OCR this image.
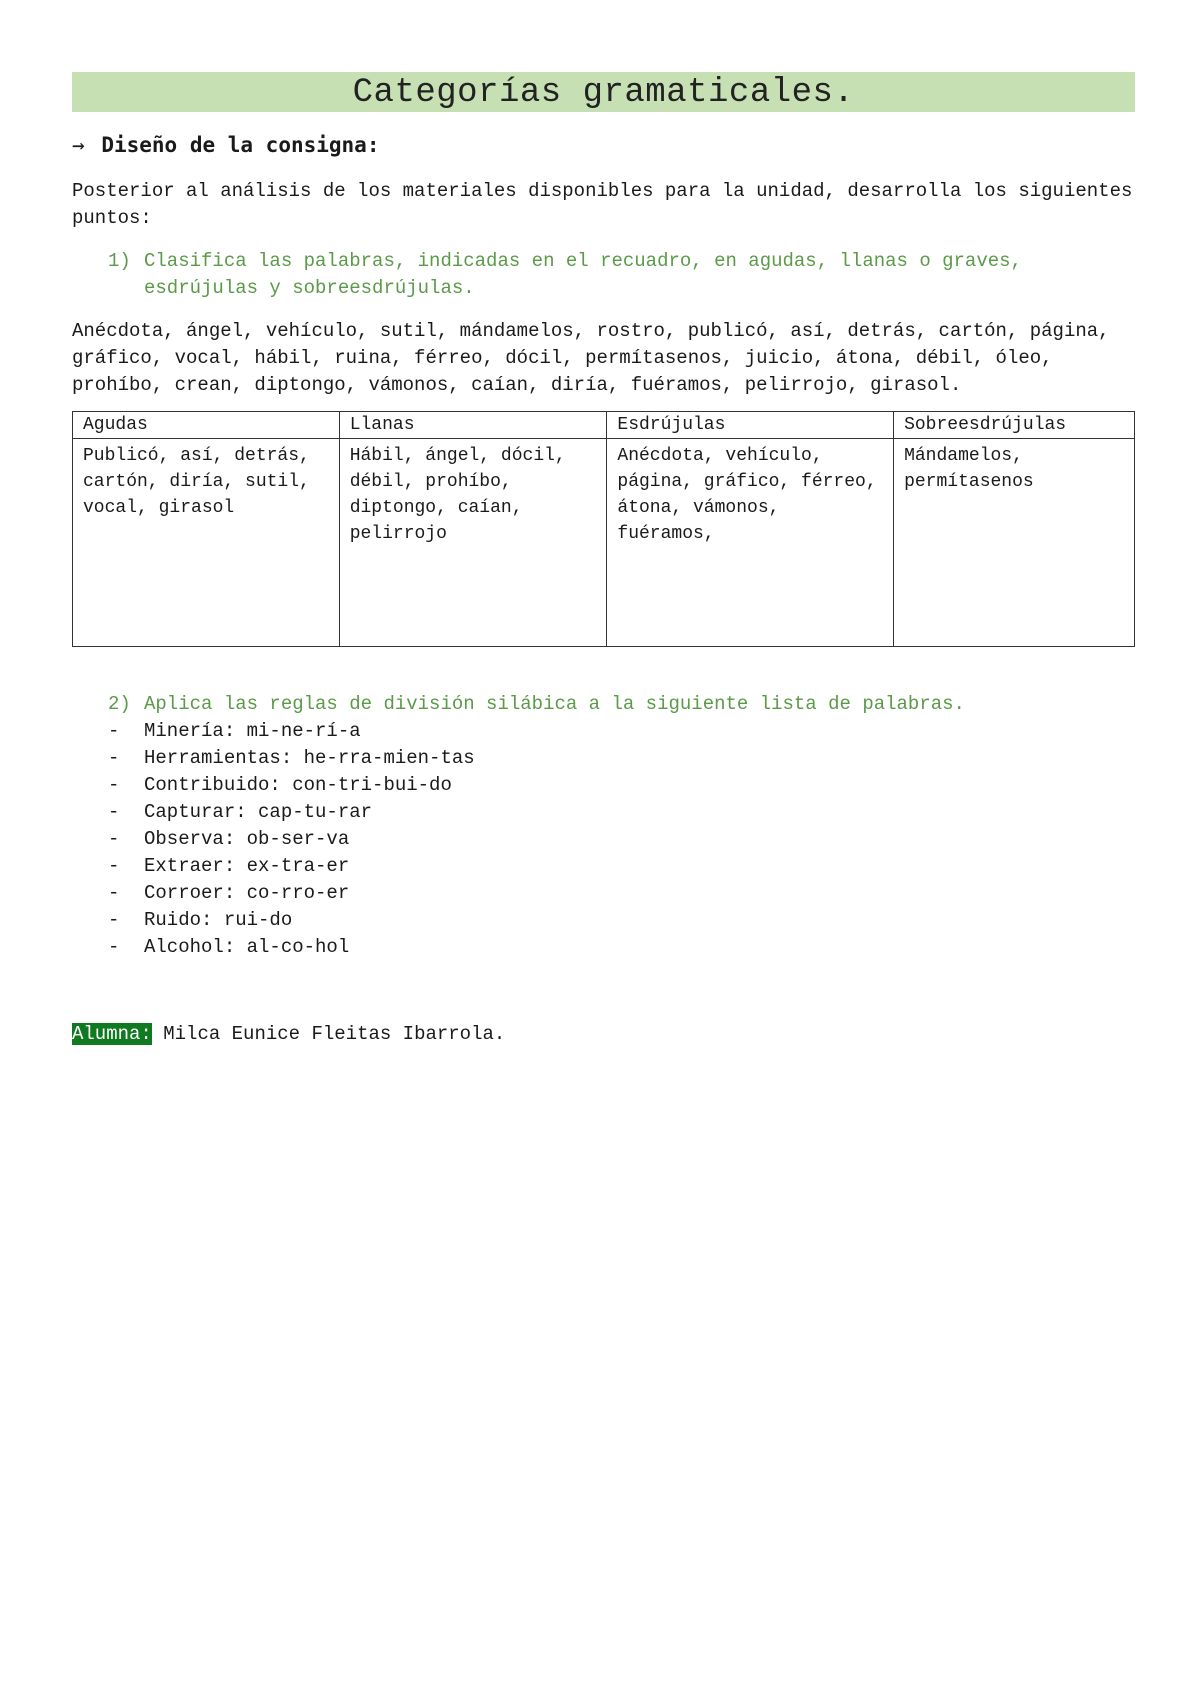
Categorías gramaticales.
→ Diseño de la consigna:
Posterior al análisis de los materiales disponibles para la unidad, desarrolla los siguientes puntos:
1) Clasifica las palabras, indicadas en el recuadro, en agudas, llanas o graves, esdrújulas y sobreesdrújulas.
Anécdota, ángel, vehículo, sutil, mándamelos, rostro, publicó, así, detrás, cartón, página, gráfico, vocal, hábil, ruina, férreo, dócil, permítasenos, juicio, átona, débil, óleo, prohíbo, crean, diptongo, vámonos, caían, diría, fuéramos, pelirrojo, girasol.
Agudas	Llanas	Esdrújulas	Sobreesdrújulas
Publicó, así, detrás, cartón, diría, sutil, vocal, girasol	Hábil, ángel, dócil, débil, prohíbo, diptongo, caían, pelirrojo	Anécdota, vehículo, página, gráfico, férreo, átona, vámonos, fuéramos,	Mándamelos, permítasenos
2) Aplica las reglas de división silábica a la siguiente lista de palabras.
-	Minería: mi-ne-rí-a
-	Herramientas: he-rra-mien-tas
-	Contribuido: con-tri-bui-do
-	Capturar: cap-tu-rar
-	Observa: ob-ser-va
-	Extraer: ex-tra-er
-	Corroer: co-rro-er
-	Ruido: rui-do
-	Alcohol: al-co-hol
Alumna: Milca Eunice Fleitas Ibarrola.
